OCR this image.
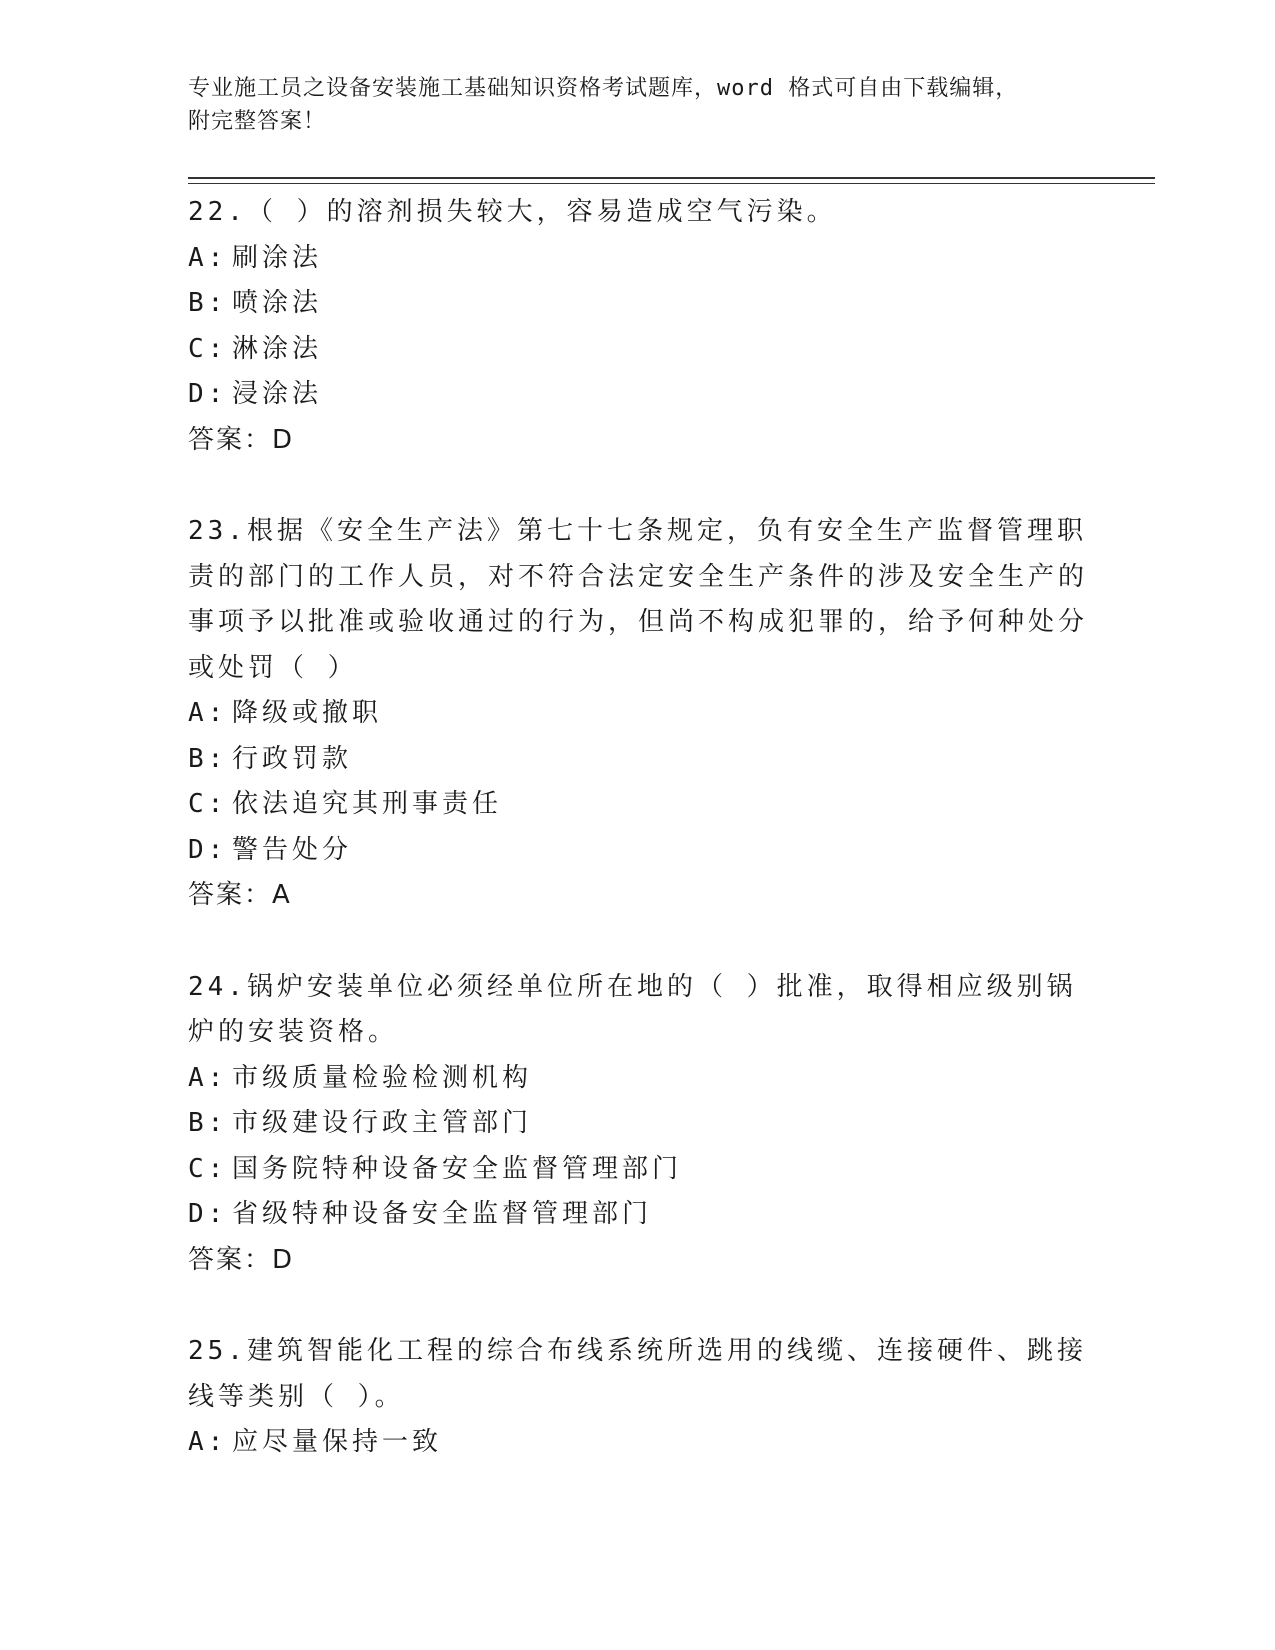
专业施工员之设备安装施工基础知识资格考试题库，word 格式可自由下载编辑，
附完整答案！

22.（ ）的溶剂损失较大，容易造成空气污染。

A: 刷涂法
B: 喷涂法
C: 淋涂法
D: 浸涂法
答案：D

23.根据《安全生产法》第七十七条规定，负有安全生产监督管理职责的部门的工作人员，对不符合法定安全生产条件的涉及安全生产的事项予以批准或验收通过的行为，但尚不构成犯罪的，给予何种处分或处罚（ ）

A: 降级或撤职
B: 行政罚款
C: 依法追究其刑事责任
D: 警告处分
答案：A

24.锅炉安装单位必须经单位所在地的（ ）批准，取得相应级别锅炉的安装资格。

A: 市级质量检验检测机构
B: 市级建设行政主管部门
C: 国务院特种设备安全监督管理部门
D: 省级特种设备安全监督管理部门
答案：D

25.建筑智能化工程的综合布线系统所选用的线缆、连接硬件、跳接线等类别（ ）。

A: 应尽量保持一致
